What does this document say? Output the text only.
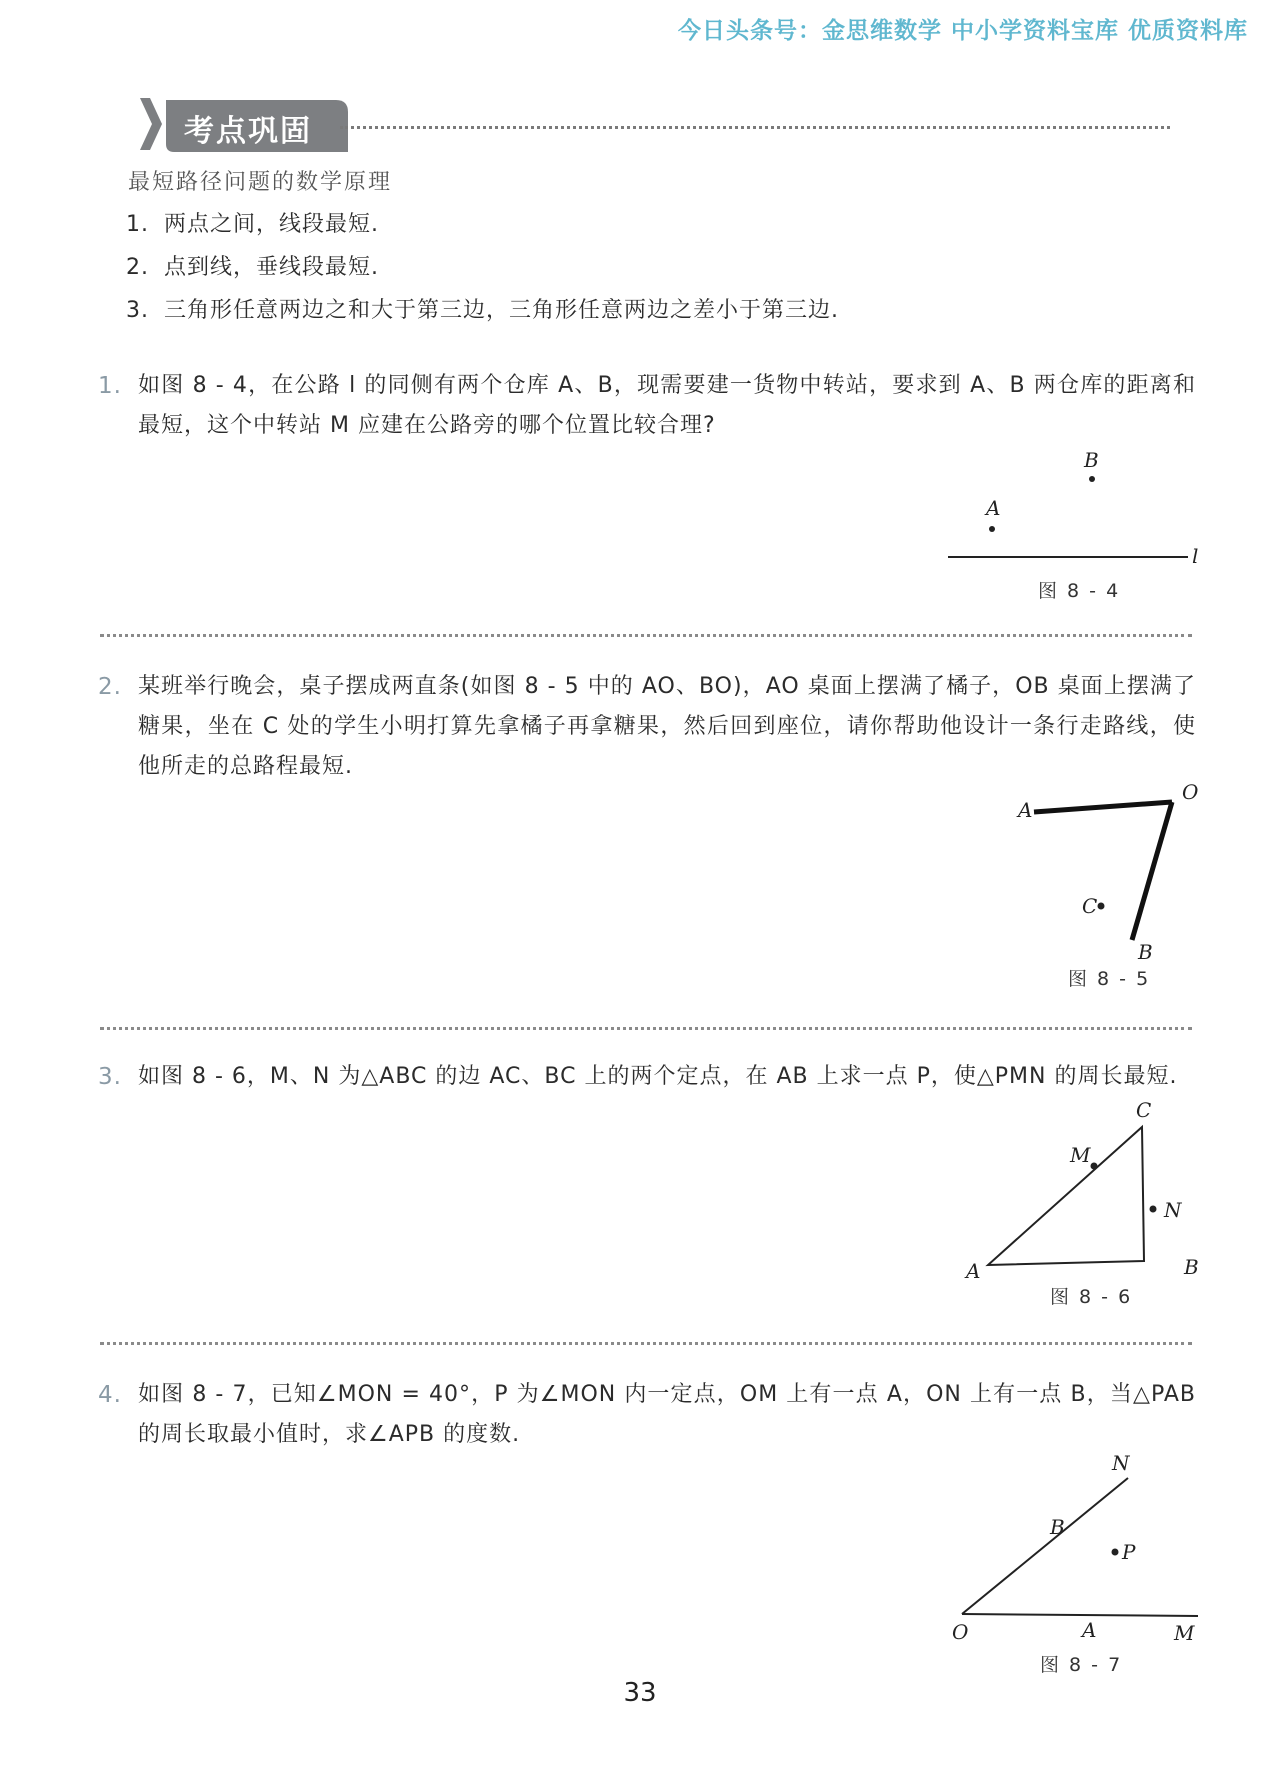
今日头条号：金思维数学 中小学资料宝库 优质资料库
考点巩固
最短路径问题的数学原理
1. 两点之间，线段最短.
2. 点到线，垂线段最短.
3. 三角形任意两边之和大于第三边，三角形任意两边之差小于第三边.
1. 如图 8 - 4，在公路 l 的同侧有两个仓库 A、B，现需要建一货物中转站，要求到 A、B 两仓库的距离和最短，这个中转站 M 应建在公路旁的哪个位置比较合理?
A
B
l
图 8 - 4
2. 某班举行晚会，桌子摆成两直条(如图 8 - 5 中的 AO、BO)，AO 桌面上摆满了橘子，OB 桌面上摆满了糖果，坐在 C 处的学生小明打算先拿橘子再拿糖果，然后回到座位，请你帮助他设计一条行走路线，使他所走的总路程最短.
A
O
C
B
图 8 - 5
3. 如图 8 - 6，M、N 为△ABC 的边 AC、BC 上的两个定点，在 AB 上求一点 P，使△PMN 的周长最短.
A	B
C
M
N
图 8 - 6
4. 如图 8 - 7，已知∠MON = 40°，P 为∠MON 内一定点，OM 上有一点 A，ON 上有一点 B，当△PAB 的周长取最小值时，求∠APB 的度数.
O	A	M
N
B
P
图 8 - 7
33
